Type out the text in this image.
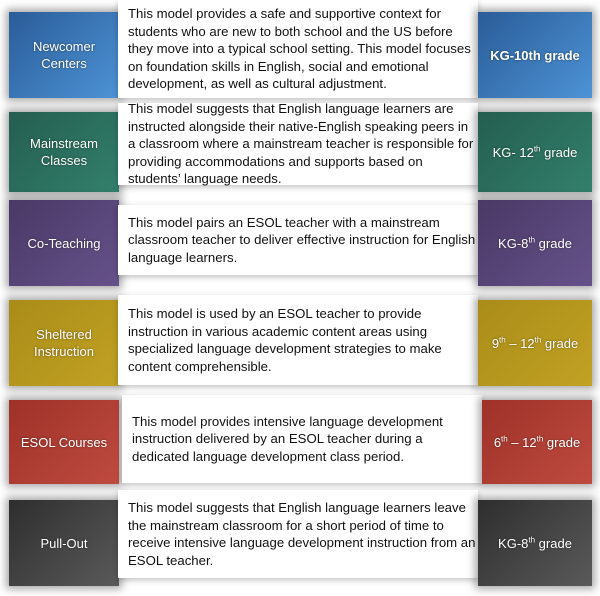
Newcomer Centers
This model provides a safe and supportive context for students who are new to both school and the US before they move into a typical school setting. This model focuses on foundation skills in English, social and emotional development, as well as cultural adjustment.
KG-10th grade
Mainstream Classes
This model suggests that English language learners are instructed alongside their native-English speaking peers in a classroom where a mainstream teacher is responsible for providing accommodations and supports based on students’ language needs.
KG- 12th grade
Co-Teaching
This model pairs an ESOL teacher with a mainstream classroom teacher to deliver effective instruction for English language learners.
KG-8th grade
Sheltered Instruction
This model is used by an ESOL teacher to provide instruction in various academic content areas using specialized language development strategies to make content comprehensible.
9th – 12th grade
ESOL Courses
This model provides intensive language development instruction delivered by an ESOL teacher during a dedicated language development class period.
6th – 12th grade
Pull-Out
This model suggests that English language learners leave the mainstream classroom for a short period of time to receive intensive language development instruction from an ESOL teacher.
KG-8th grade
